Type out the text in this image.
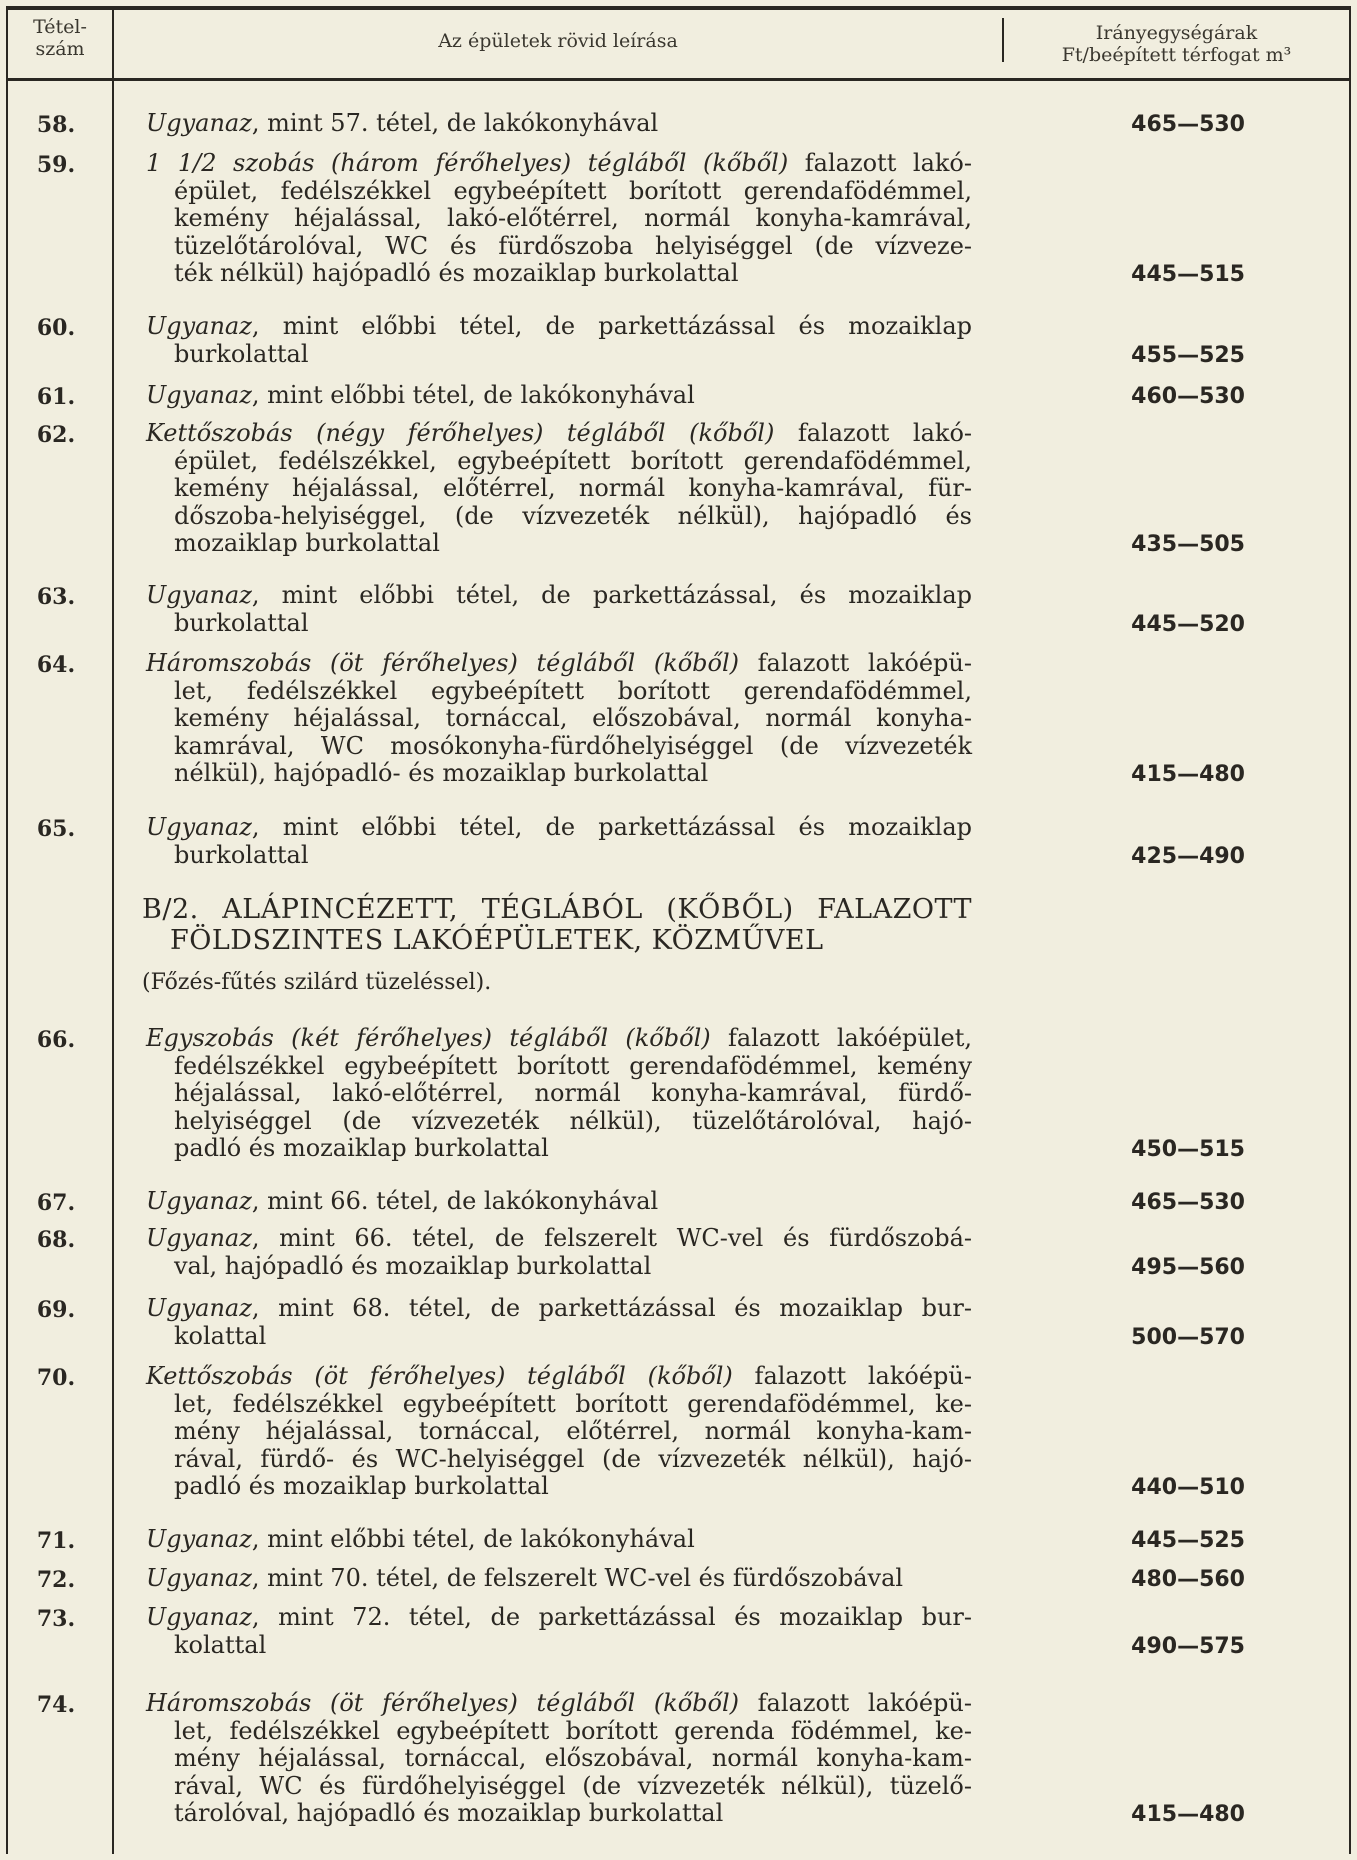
Tétel-
szám	Az épületek rövid leírása	Irányegységárak
Ft/beépített térfogat m³
58.	Ugyanaz, mint 57. tétel, de lakókonyhával	465—530
59.	1 1/2 szobás (három férőhelyes) tégláből (kőből) falazott lakó-
épület, fedélszékkel egybeépített borított gerendafödémmel,
kemény héjalással, lakó-előtérrel, normál konyha-kamrával,
tüzelőtárolóval, WC és fürdőszoba helyiséggel (de vízveze-
ték nélkül) hajópadló és mozaiklap burkolattal	445—515
60.	Ugyanaz, mint előbbi tétel, de parkettázással és mozaiklap
burkolattal	455—525
61.	Ugyanaz, mint előbbi tétel, de lakókonyhával	460—530
62.	Kettőszobás (négy férőhelyes) tégláből (kőből) falazott lakó-
épület, fedélszékkel, egybeépített borított gerendafödémmel,
kemény héjalással, előtérrel, normál konyha-kamrával, für-
dőszoba-helyiséggel, (de vízvezeték nélkül), hajópadló és
mozaiklap burkolattal	435—505
63.	Ugyanaz, mint előbbi tétel, de parkettázással, és mozaiklap
burkolattal	445—520
64.	Háromszobás (öt férőhelyes) tégláből (kőből) falazott lakóépü-
let, fedélszékkel egybeépített borított gerendafödémmel,
kemény héjalással, tornáccal, előszobával, normál konyha-
kamrával, WC mosókonyha-fürdőhelyiséggel (de vízvezeték
nélkül), hajópadló- és mozaiklap burkolattal	415—480
65.	Ugyanaz, mint előbbi tétel, de parkettázással és mozaiklap
burkolattal	425—490
66.	Egyszobás (két férőhelyes) tégláből (kőből) falazott lakóépület,
fedélszékkel egybeépített borított gerendafödémmel, kemény
héjalással, lakó-előtérrel, normál konyha-kamrával, fürdő-
helyiséggel (de vízvezeték nélkül), tüzelőtárolóval, hajó-
padló és mozaiklap burkolattal	450—515
67.	Ugyanaz, mint 66. tétel, de lakókonyhával	465—530
68.	Ugyanaz, mint 66. tétel, de felszerelt WC-vel és fürdőszobá-
val, hajópadló és mozaiklap burkolattal	495—560
69.	Ugyanaz, mint 68. tétel, de parkettázással és mozaiklap bur-
kolattal	500—570
70.	Kettőszobás (öt férőhelyes) tégláből (kőből) falazott lakóépü-
let, fedélszékkel egybeépített borított gerendafödémmel, ke-
mény héjalással, tornáccal, előtérrel, normál konyha-kam-
rával, fürdő- és WC-helyiséggel (de vízvezeték nélkül), hajó-
padló és mozaiklap burkolattal	440—510
71.	Ugyanaz, mint előbbi tétel, de lakókonyhával	445—525
72.	Ugyanaz, mint 70. tétel, de felszerelt WC-vel és fürdőszobával	480—560
73.	Ugyanaz, mint 72. tétel, de parkettázással és mozaiklap bur-
kolattal	490—575
74.	Háromszobás (öt férőhelyes) tégláből (kőből) falazott lakóépü-
let, fedélszékkel egybeépített borított gerenda födémmel, ke-
mény héjalással, tornáccal, előszobával, normál konyha-kam-
rával, WC és fürdőhelyiséggel (de vízvezeték nélkül), tüzelő-
tárolóval, hajópadló és mozaiklap burkolattal	415—480
B/2. ALÁPINCÉZETT, TÉGLÁBÓL (KŐBŐL) FALAZOTT
FÖLDSZINTES LAKÓÉPÜLETEK, KÖZMŰVEL
(Főzés-fűtés szilárd tüzeléssel).
